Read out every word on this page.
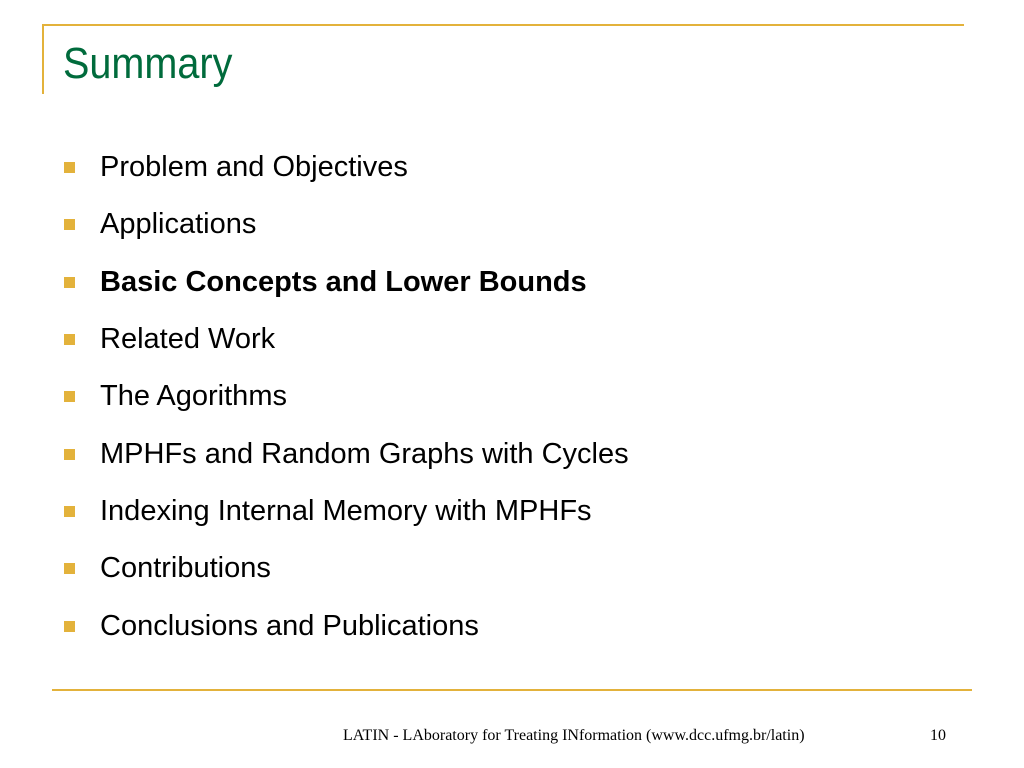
Summary
Problem and Objectives
Applications
Basic Concepts and Lower Bounds
Related Work
The Agorithms
MPHFs and Random Graphs with Cycles
Indexing Internal Memory with MPHFs
Contributions
Conclusions and Publications
LATIN - LAboratory for Treating INformation (www.dcc.ufmg.br/latin)	10
